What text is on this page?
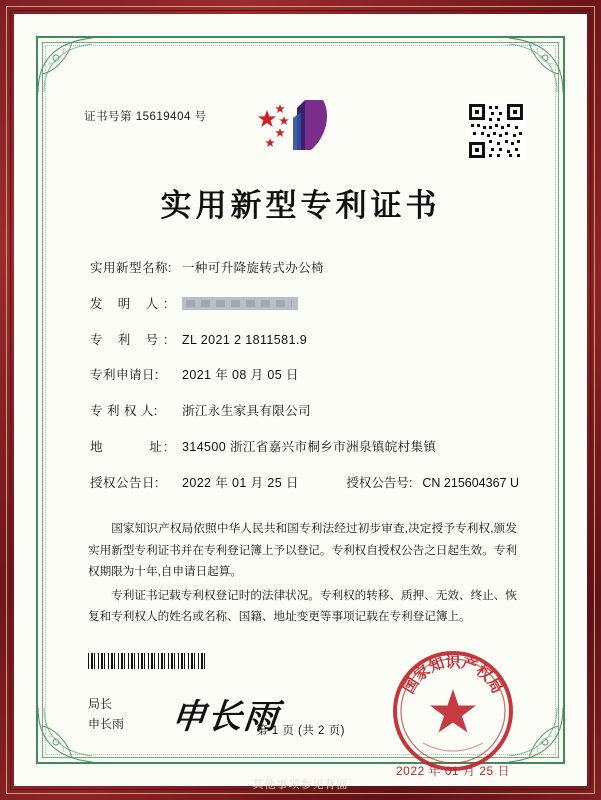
证书号第 15619404 号
实用新型专利证书
实用新型名称: 一种可升降旋转式办公椅
发 明 人:
专 利 号:	ZL 2021 2 1811581.9
专利申请日:	2021 年 08 月 05 日
专 利 权 人:	浙江永生家具有限公司
地　　　址:	314500 浙江省嘉兴市桐乡市洲泉镇皖村集镇
授权公告日:	2022 年 01 月 25 日	授权公告号: CN 215604367 U

国家知识产权局依照中华人民共和国专利法经过初步审查,决定授予专利权,颁发实用新型专利证书并在专利登记簿上予以登记。专利权自授权公告之日起生效。专利权期限为十年,自申请日起算。

专利证书记载专利权登记时的法律状况。专利权的转移、质押、无效、终止、恢复和专利权人的姓名或名称、国籍、地址变更等事项记载在专利登记簿上。

局长
申长雨 申长雨
国家知识产权局
2022 年 01 月 25 日
第 1 页 (共 2 页)
其他事项参见背面
